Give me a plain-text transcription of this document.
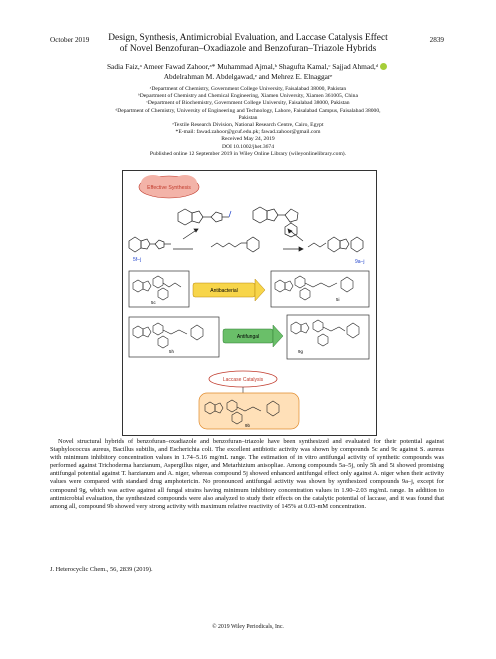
October 2019	2839
Design, Synthesis, Antimicrobial Evaluation, and Laccase Catalysis Effect
of Novel Benzofuran–Oxadiazole and Benzofuran–Triazole Hybrids
Sadia Faiz,ᵃ Ameer Fawad Zahoor,ᵃ* Muhammad Ajmal,ᵇ Shagufta Kamal,ᶜ Sajjad Ahmad,ᵈ
Abdelrahman M. Abdelgawad,ᵉ and Mehrez E. Elnaggarᵉ
ᵃDepartment of Chemistry, Government College University, Faisalabad 38000, Pakistan
ᵇDepartment of Chemistry and Chemical Engineering, Xiamen University, Xiamen 361005, China
ᶜDepartment of Biochemistry, Government College University, Faisalabad 38000, Pakistan
ᵈDepartment of Chemistry, University of Engineering and Technology, Lahore, Faisalabad Campus, Faisalabad 38000,
Pakistan
ᵉTextile Research Division, National Research Centre, Cairo, Egypt
*E-mail: fawad.zahoor@gcuf.edu.pk; fawad.zahoor@gmail.com
Received May 24, 2019
DOI 10.1002/jhet.3674
Published online 12 September 2019 in Wiley Online Library (wileyonlinelibrary.com).
Effective Synthesis
5f–j	9a–j
5c
Antibacterial
5i
5h
Antifungal
9g
Laccase Catalysis
9b

Novel structural hybrids of benzofuran–oxadiazole and benzofuran–triazole have been synthesized and evaluated for their potential against Staphylococcus aureus, Bacillus subtilis, and Escherichia coli. The excellent antibiotic activity was shown by compounds 5c and 9c against S. aureus with minimum inhibitory concentration values in 1.74–5.16 mg/mL range. The estimation of in vitro antifungal activity of synthetic compounds was performed against Trichoderma harzianum, Aspergillus niger, and Metarhizium anisopliae. Among compounds 5a–5j, only 5h and 5i showed promising antifungal potential against T. harzianum and A. niger, whereas compound 5j showed enhanced antifungal effect only against A. niger when their activity values were compared with standard drug amphotericin. No pronounced antifungal activity was shown by synthesized compounds 9a–j, except for compound 9g, which was active against all fungal strains having minimum inhibitory concentration values in 1.90–2.03 mg/mL range. In addition to antimicrobial evaluation, the synthesized compounds were also analyzed to study their effects on the catalytic potential of laccase, and it was found that among all, compound 9b showed very strong activity with maximum relative reactivity of 145% at 0.03-mM concentration.

J. Heterocyclic Chem., 56, 2839 (2019).
© 2019 Wiley Periodicals, Inc.
